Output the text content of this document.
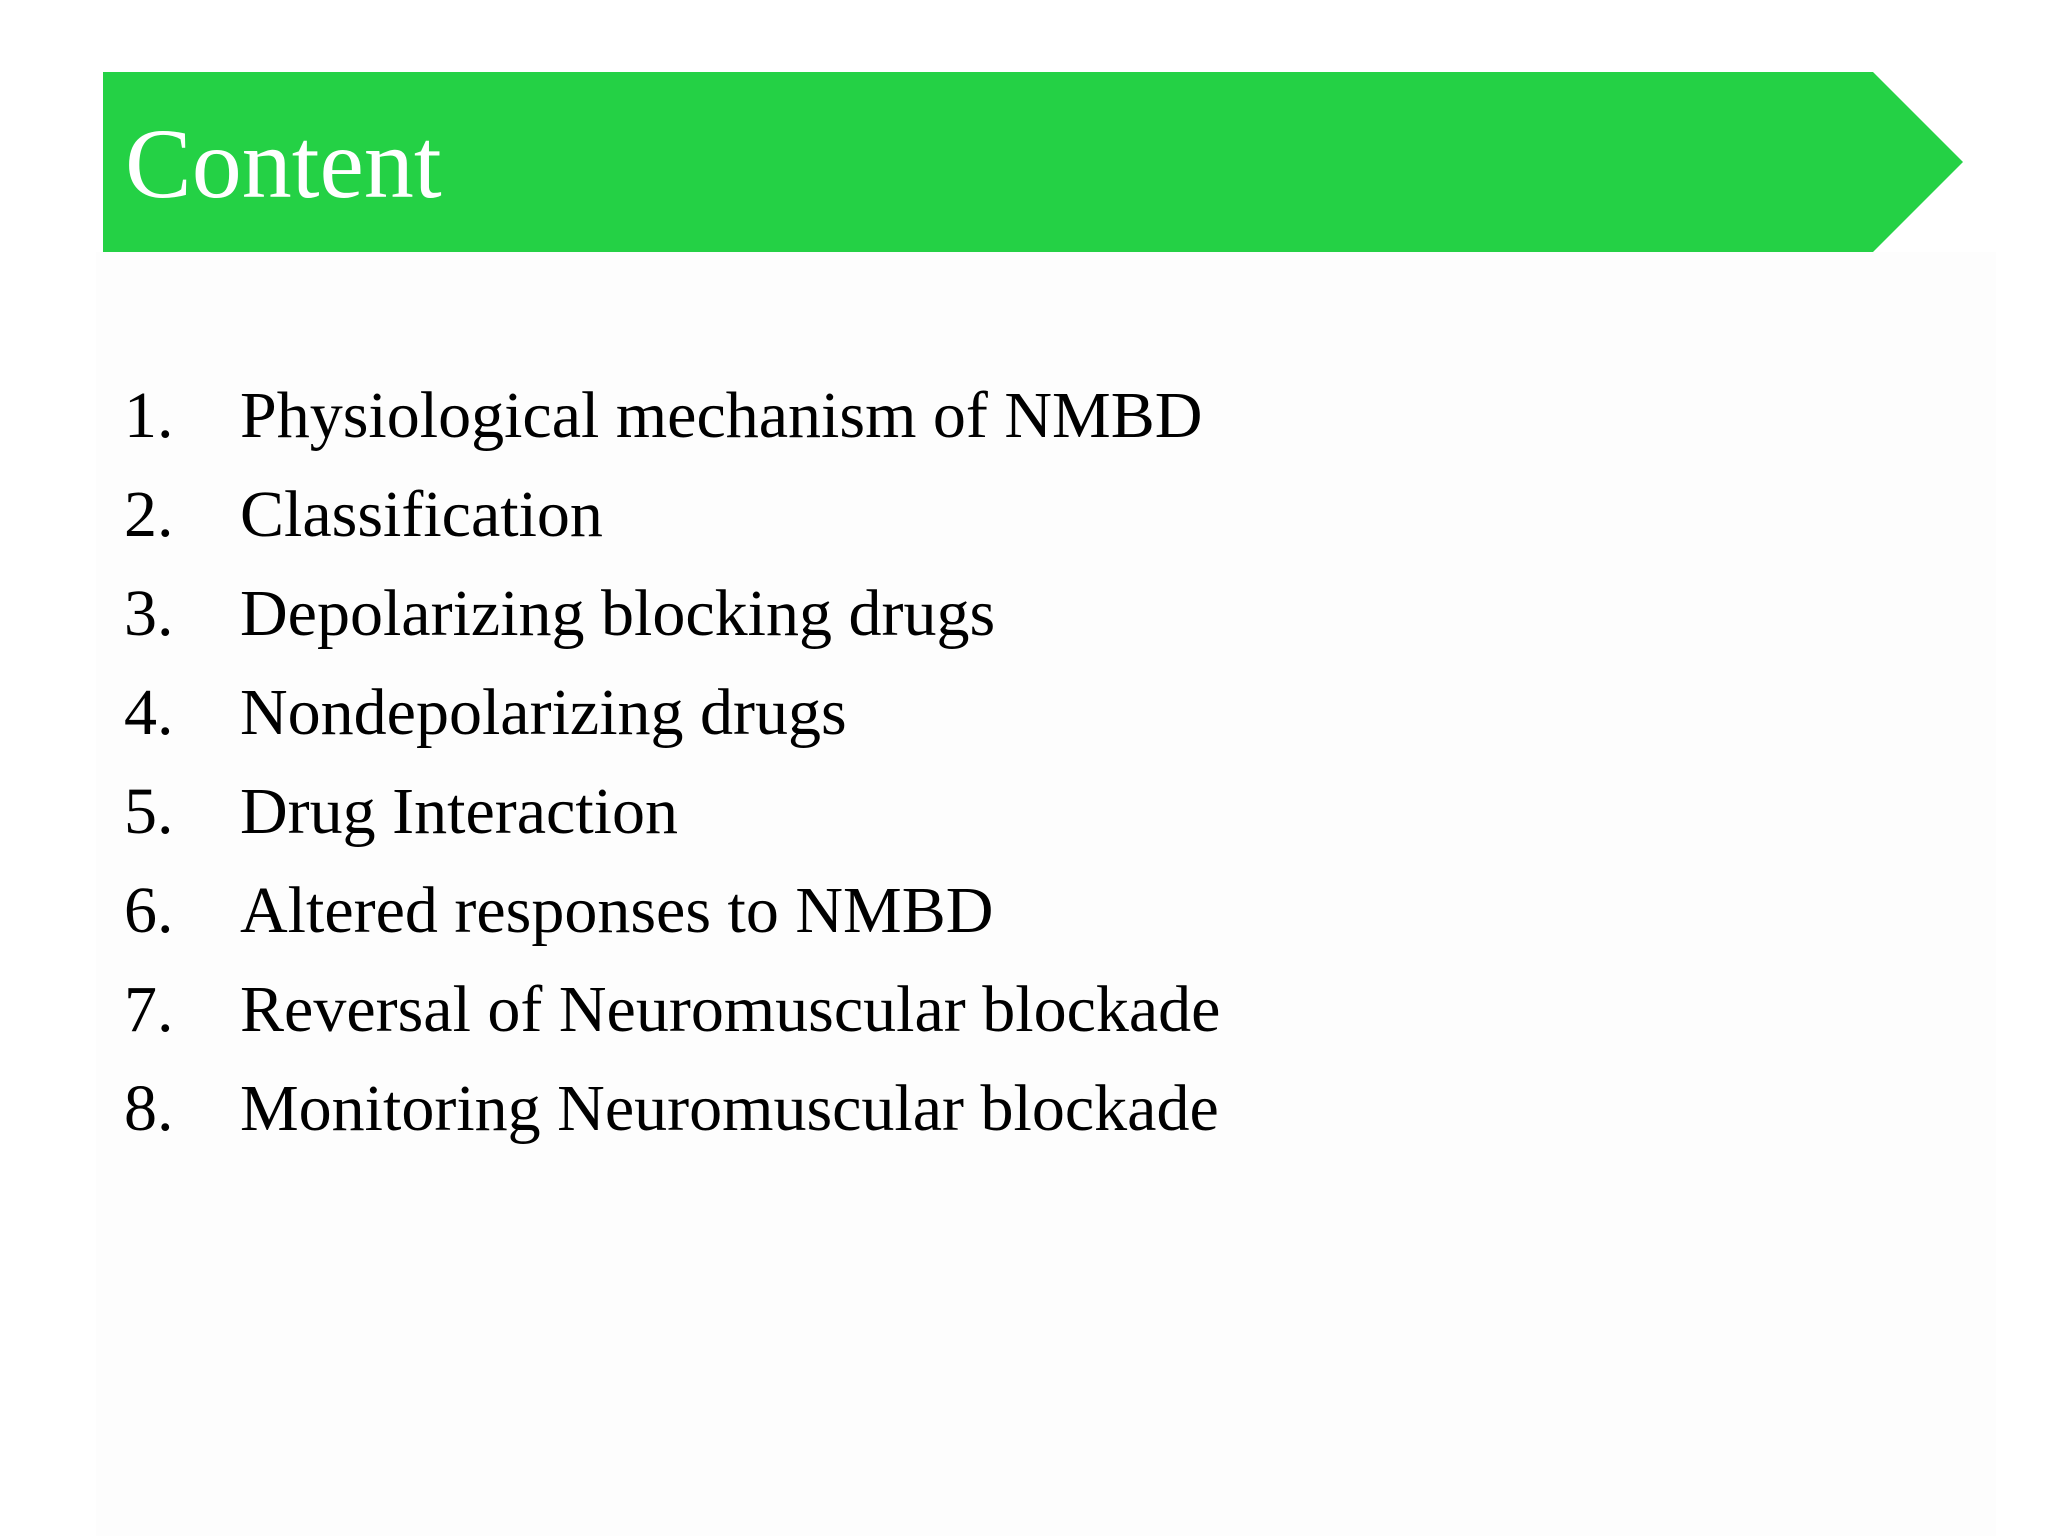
Content
1.	Physiological mechanism of NMBD
2.	Classification
3.	Depolarizing blocking drugs
4.	Nondepolarizing drugs
5.	Drug Interaction
6.	Altered responses to NMBD
7.	Reversal of Neuromuscular blockade
8.	Monitoring Neuromuscular blockade
